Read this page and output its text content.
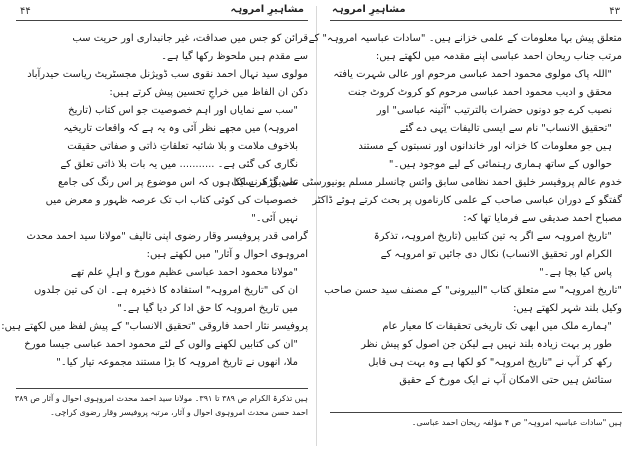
۴۴	مشاہیرِ امروہہ
قرائن کو جس میں صداقت، غیر جانبداری اور حریت سب
سے مقدم ہیں ملحوظ رکھا گیا ہے۔
مولوی سید نہال احمد نقوی سب ڈویژنل مجسٹریٹ ریاست حیدرآباد
دکن ان الفاظ میں خراجِ تحسین پیش کرتے ہیں:
"سب سے نمایاں اور اہم خصوصیت جو اس کتاب (تاریخ
امروہہ) میں مجھے نظر آئی وہ یہ ہے کہ واقعات تاریخیہ
بلاخوف ملامت و بلا شائبہ تعلقاتِ ذاتی و صفاتی حقیقت
نگاری کی گئی ہے۔ ........... میں یہ بات بلا ذاتی تعلق کے
تصدیق کر سکتا ہوں کہ اس موضوع پر اس رنگ کی جامع
خصوصیات کی کوئی کتاب اب تک عرصہ ظہور و معرض میں
نہیں آئی۔"
گرامی قدر پروفیسر وقار رضوی اپنی تالیف "مولانا سید احمد محدث
امروہوی احوال و آثار" میں لکھتے ہیں:
"مولانا محمود احمد عباسی عظیم مورخ و اہلِ علم تھے
ان کی "تاریخ امروہہ" استفادہ کا ذخیرہ ہے۔ ان کی تین جلدوں
میں تاریخ امروہہ کا حق ادا کر دیا گیا ہے۔"
پروفیسر نثار احمد فاروقی "تحقیق الانساب" کے پیش لفظ میں لکھتے ہیں:
"ان کی کتابیں لکھنے والوں کے لئے محمود احمد عباسی جیسا مورخ
ملا، انھوں نے تاریخ امروہہ کا بڑا مستند مجموعہ تیار کیا۔"
ہیں تذکرۃ الکرام ص ۳۸۹ تا ۳۹۱۔ مولانا سید احمد محدث امروہوی احوال و آثار ص ۳۸۹
احمد حسن محدث امروہوی احوال و آثار، مرتبہ پروفیسر وقار رضوی کراچی۔
۴۳
مشاہیرِ امروہہ
متعلق پیش بہا معلومات کے علمی خزانے ہیں۔ "سادات عباسیہ امروہہ" کے
مرتب جناب ریحان احمد عباسی اپنے مقدمہ میں لکھتے ہیں:
"اللہ پاک مولوی محمود احمد عباسی مرحوم اور عالی شہرت یافتہ
محقق و ادیب محمود احمد عباسی مرحوم کو کروٹ کروٹ جنت
نصیب کرے جو دونوں حضرات بالترتیب "آئینہ عباسی" اور
"تحقیق الانساب" نام سے ایسی تالیفات یہی دے گئے
ہیں جو معلومات کا خزانہ اور خاندانوں اور نسبتوں کے مستند
حوالوں کے ساتھ ہماری رہنمائی کے لیے موجود ہیں۔"
خدوم عالم پروفیسر خلیق احمد نظامی سابق وائس چانسلر مسلم یونیورسٹی علی گڑھ نے ایک
گفتگو کے دوران عباسی صاحب کے علمی کارناموں پر بحث کرتے ہوئے ڈاکٹر
مصباح احمد صدیقی سے فرمایا تھا کہ:
"تاریخ امروہہ سے اگر یہ تین کتابیں (تاریخ امروہہ، تذکرۃ
الکرام اور تحقیق الانساب) نکال دی جائیں تو امروہہ کے
پاس کیا بچا ہے۔"
"تاریخ امروہہ" سے متعلق کتاب "البیرونی" کے مصنف سید حسن صاحب
وکیل بلند شہر لکھتے ہیں:
"ہمارے ملک میں ابھی تک تاریخی تحقیقات کا معیار عام
طور پر بہت زیادہ بلند نہیں ہے لیکن جن اصول کو پیش نظر
رکھ کر آپ نے "تاریخ امروہہ" کو لکھا ہے وہ بہت ہی قابل
ستائش ہیں حتی الامکان آپ نے ایک مورخ کے حقیق
ہیں "سادات عباسیہ امروہہ" ص ۴ مؤلفہ ریحان احمد عباسی۔
